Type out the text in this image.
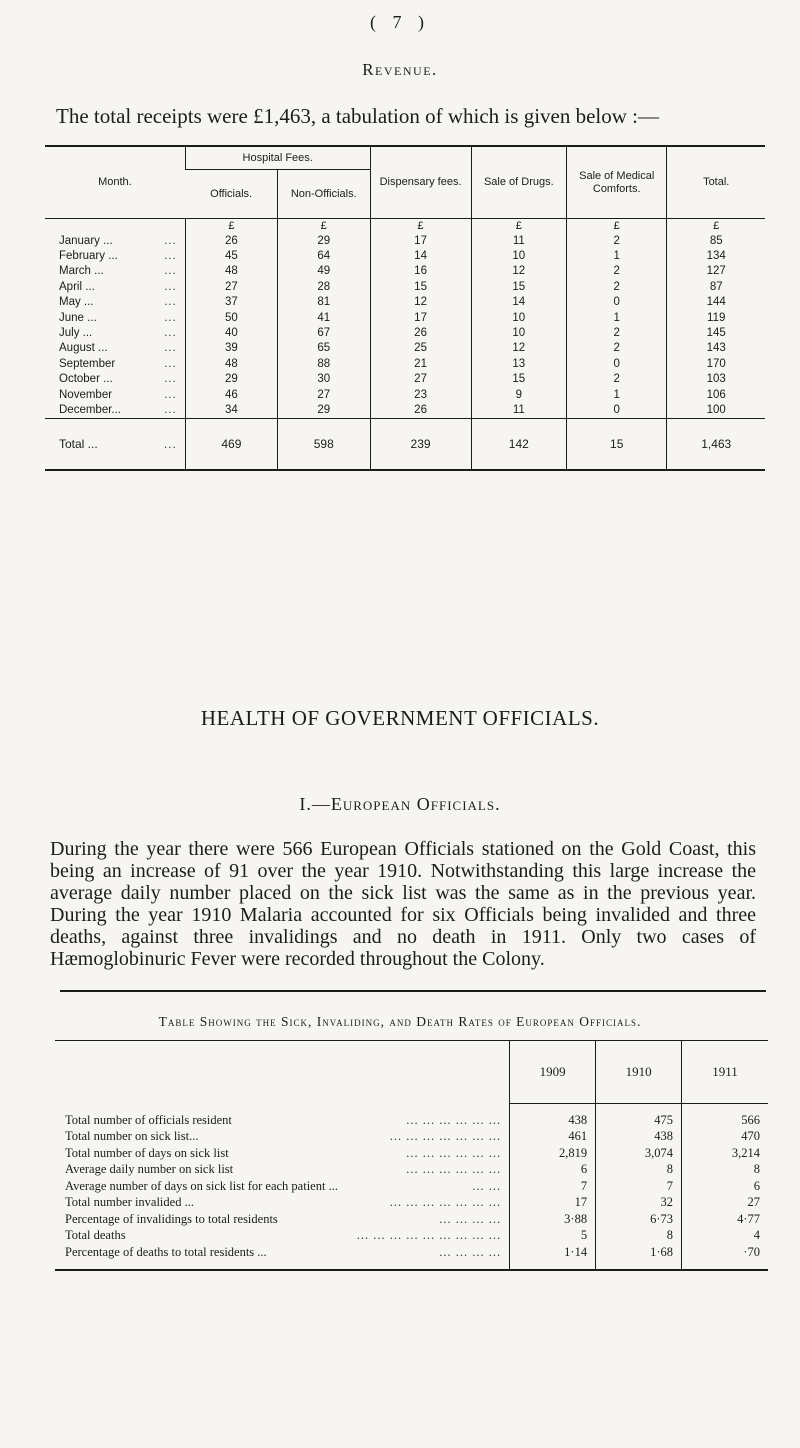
( 7 )
Revenue.
The total receipts were £1,463, a tabulation of which is given below :—
Month.	Hospital Fees.		Dispensary fees.	Sale of Drugs.	Sale of Medical Comforts.	Total.
	Officials.	Non-Officials.				
	£	£	£	£	£	£

January ... ...	26	29	17	11	2	85

February ... ...	45	64	14	10	1	134

March ... ...	48	49	16	12	2	127

April ... ...	27	28	15	15	2	87

May ... ...	37	81	12	14	0	144

June ... ...	50	41	17	10	1	119

July ... ...	40	67	26	10	2	145

August ... ...	39	65	25	12	2	143

September ...	48	88	21	13	0	170

October ... ...	29	30	27	15	2	103

November ...	46	27	23	9	1	106

December... ...	34	29	26	11	0	100

Total ... ...	469	598	239	142	15	1,463
HEALTH OF GOVERNMENT OFFICIALS.
I.—European Officials.
During the year there were 566 European Officials stationed on the Gold Coast, this being an increase of 91 over the year 1910. Notwithstanding this large increase the average daily number placed on the sick list was the same as in the previous year. During the year 1910 Malaria accounted for six Officials being invalided and three deaths, against three invalidings and no death in 1911. Only two cases of Hæmoglobinuric Fever were recorded throughout the Colony.
Table Showing the Sick, Invaliding, and Death Rates of European Officials.
	1909	1910	1911

Total number of officials resident ... ... ... ... ... ...	438	475	566

Total number on sick list... ... ... ... ... ... ... ...	461	438	470

Total number of days on sick list ... ... ... ... ... ...	2,819	3,074	3,214

Average daily number on sick list ... ... ... ... ... ...	6	8	8

Average number of days on sick list for each patient ... ... ...	7	7	6

Total number invalided ... ... ... ... ... ... ... ...	17	32	27

Percentage of invalidings to total residents ... ... ... ...	3·88	6·73	4·77

Total deaths ... ... ... ... ... ... ... ... ...	5	8	4

Percentage of deaths to total residents ... ... ... ... ...	1·14	1·68	·70
